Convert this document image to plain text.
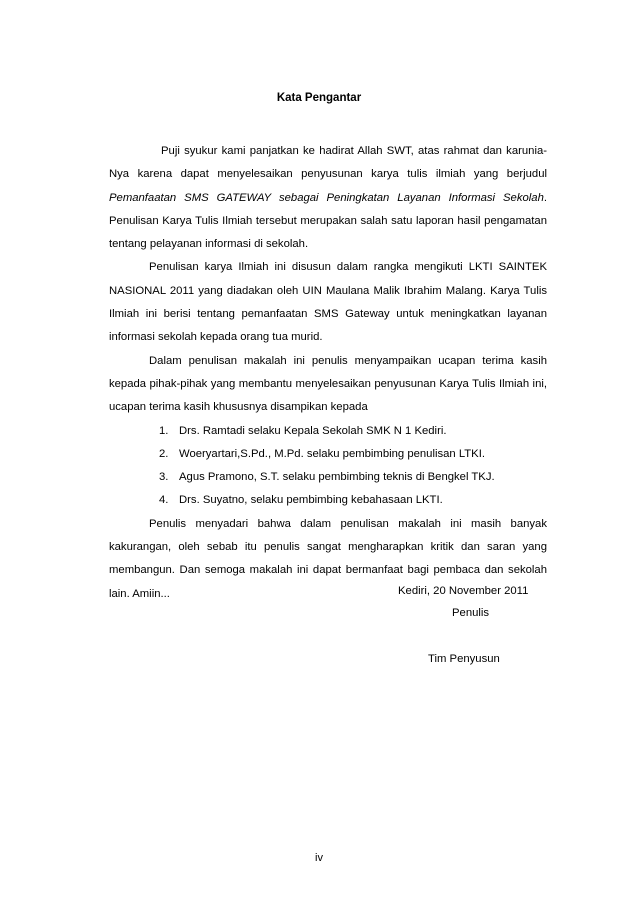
Kata Pengantar

Puji syukur kami panjatkan ke hadirat Allah SWT, atas rahmat dan karunia-Nya karena dapat menyelesaikan penyusunan karya tulis ilmiah yang berjudul Pemanfaatan SMS GATEWAY sebagai Peningkatan Layanan Informasi Sekolah. Penulisan Karya Tulis Ilmiah tersebut merupakan salah satu laporan hasil pengamatan tentang pelayanan informasi di sekolah.

Penulisan karya Ilmiah ini disusun dalam rangka mengikuti LKTI SAINTEK NASIONAL 2011 yang diadakan oleh UIN Maulana Malik Ibrahim Malang. Karya Tulis Ilmiah ini berisi tentang pemanfaatan SMS Gateway untuk meningkatkan layanan informasi sekolah kepada orang tua murid.

Dalam penulisan makalah ini penulis menyampaikan ucapan terima kasih kepada pihak-pihak yang membantu menyelesaikan penyusunan Karya Tulis Ilmiah ini, ucapan terima kasih khususnya disampikan kepada

1. Drs. Ramtadi selaku Kepala Sekolah SMK N 1 Kediri.
2. Woeryartari,S.Pd., M.Pd. selaku pembimbing penulisan LTKI.
3. Agus Pramono, S.T. selaku pembimbing teknis di Bengkel TKJ.
4. Drs. Suyatno, selaku pembimbing kebahasaan LKTI.

Penulis menyadari bahwa dalam penulisan makalah ini masih banyak kakurangan, oleh sebab itu penulis sangat mengharapkan kritik dan saran yang membangun. Dan semoga makalah ini dapat bermanfaat bagi pembaca dan sekolah lain. Amiin...	Kediri, 20 November 2011

Penulis

Tim Penyusun

iv
